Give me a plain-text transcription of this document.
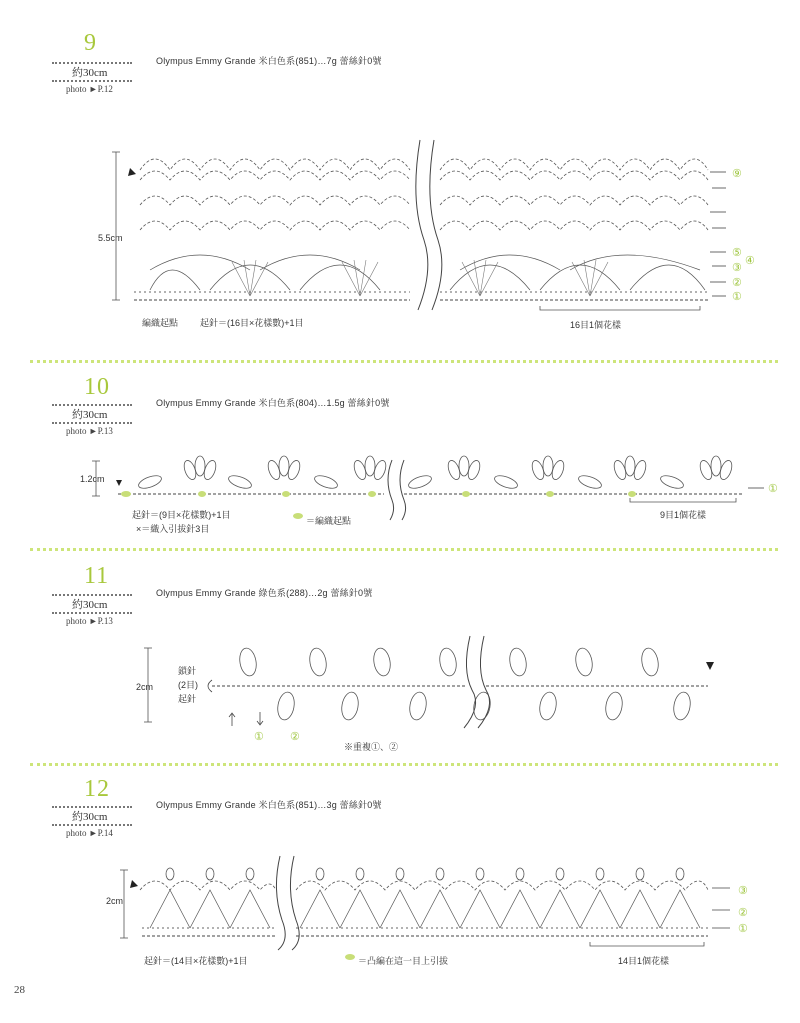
9
約30cm
photo ►P.12
Olympus Emmy Grande 米白色系(851)…7g 蕾絲針0號
5.5cm
編織起點 起針＝(16目×花樣數)+1目	16目1個花樣
⑨
⑤
④
③
②
①
10
約30cm
photo ►P.13
Olympus Emmy Grande 米白色系(804)…1.5g 蕾絲針0號
1.2cm
起針＝(9目×花樣數)+1目
×＝織入引拔針3目
＝編織起點
9目1個花樣
①
11
約30cm
photo ►P.13
Olympus Emmy Grande 綠色系(288)…2g 蕾絲針0號
2cm
鎖針
(2目)
起針
※重複①、②
① ②
12
約30cm
photo ►P.14
Olympus Emmy Grande 米白色系(851)…3g 蕾絲針0號
2cm
起針＝(14目×花樣數)+1目	＝凸編在這一目上引拔	14目1個花樣
③
②
①
28
